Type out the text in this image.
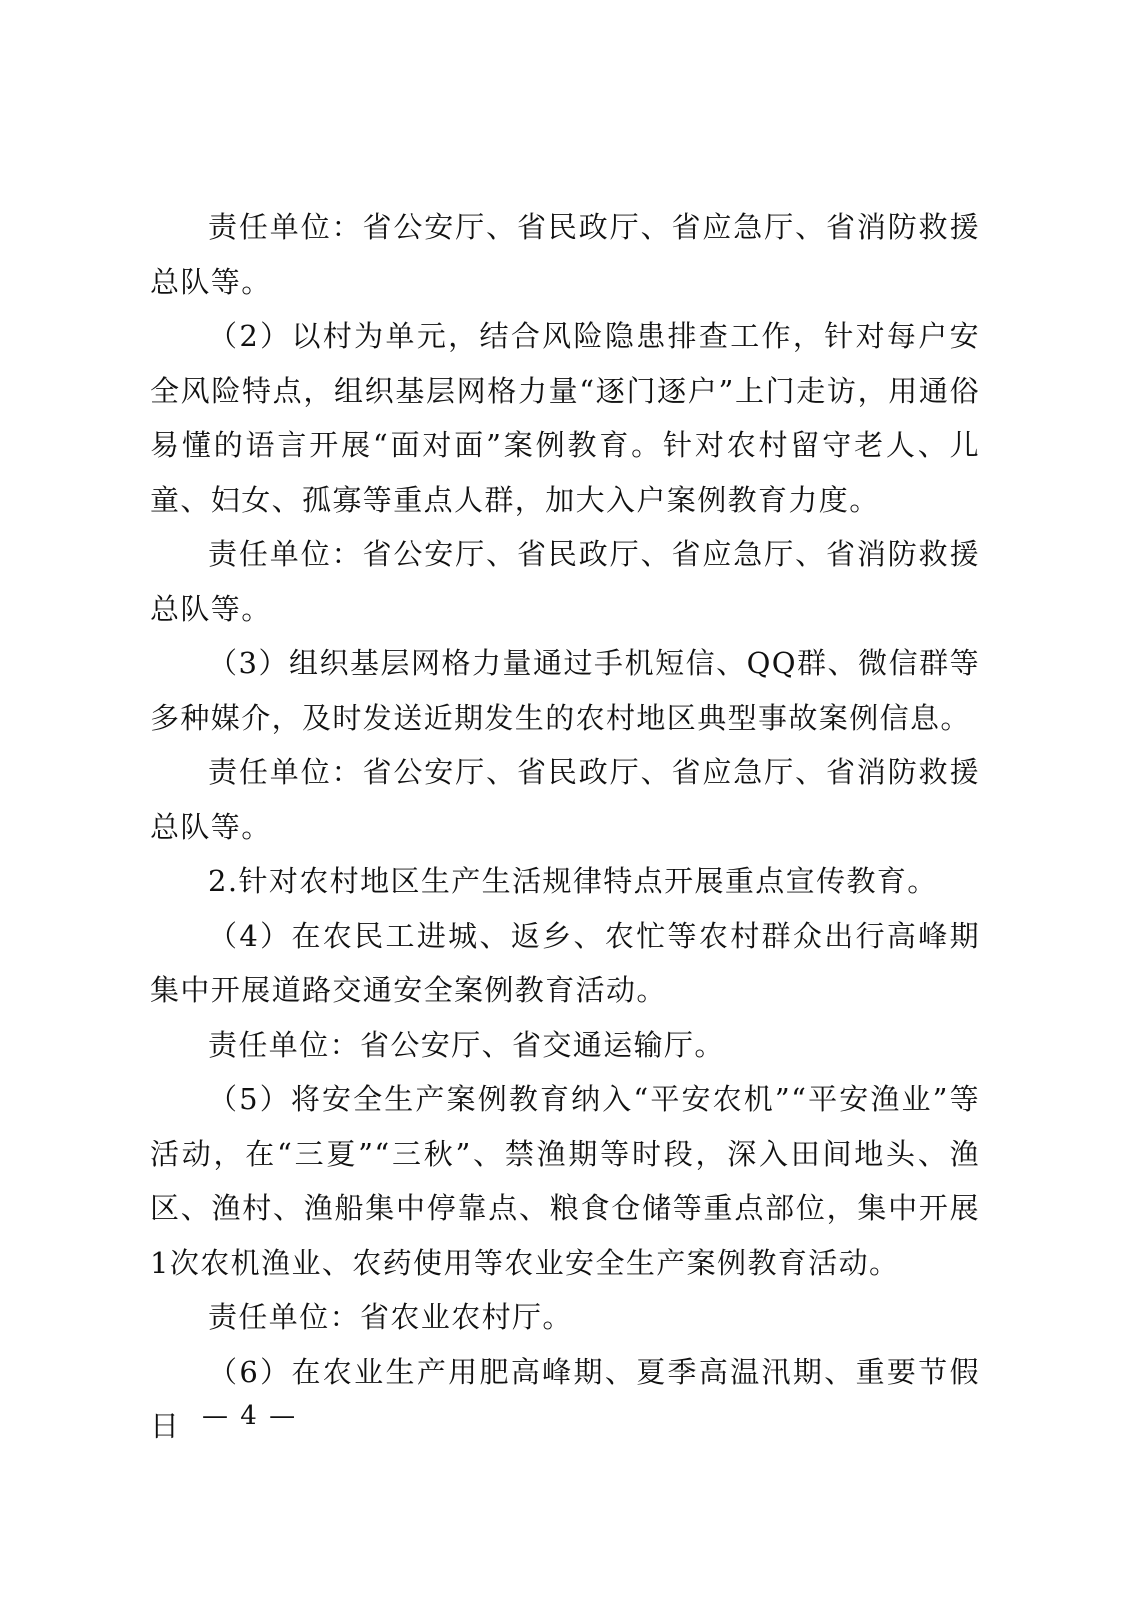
责任单位：省公安厅、省民政厅、省应急厅、省消防救援总队等。

（2）以村为单元，结合风险隐患排查工作，针对每户安全风险特点，组织基层网格力量“逐门逐户”上门走访，用通俗易懂的语言开展“面对面”案例教育。针对农村留守老人、儿童、妇女、孤寡等重点人群，加大入户案例教育力度。

责任单位：省公安厅、省民政厅、省应急厅、省消防救援总队等。

（3）组织基层网格力量通过手机短信、QQ群、微信群等多种媒介，及时发送近期发生的农村地区典型事故案例信息。

责任单位：省公安厅、省民政厅、省应急厅、省消防救援总队等。

2.针对农村地区生产生活规律特点开展重点宣传教育。

（4）在农民工进城、返乡、农忙等农村群众出行高峰期集中开展道路交通安全案例教育活动。

责任单位：省公安厅、省交通运输厅。

（5）将安全生产案例教育纳入“平安农机”“平安渔业”等活动，在“三夏”“三秋”、禁渔期等时段，深入田间地头、渔区、渔村、渔船集中停靠点、粮食仓储等重点部位，集中开展1次农机渔业、农药使用等农业安全生产案例教育活动。

责任单位：省农业农村厅。

（6）在农业生产用肥高峰期、夏季高温汛期、重要节假日 — 4 —
